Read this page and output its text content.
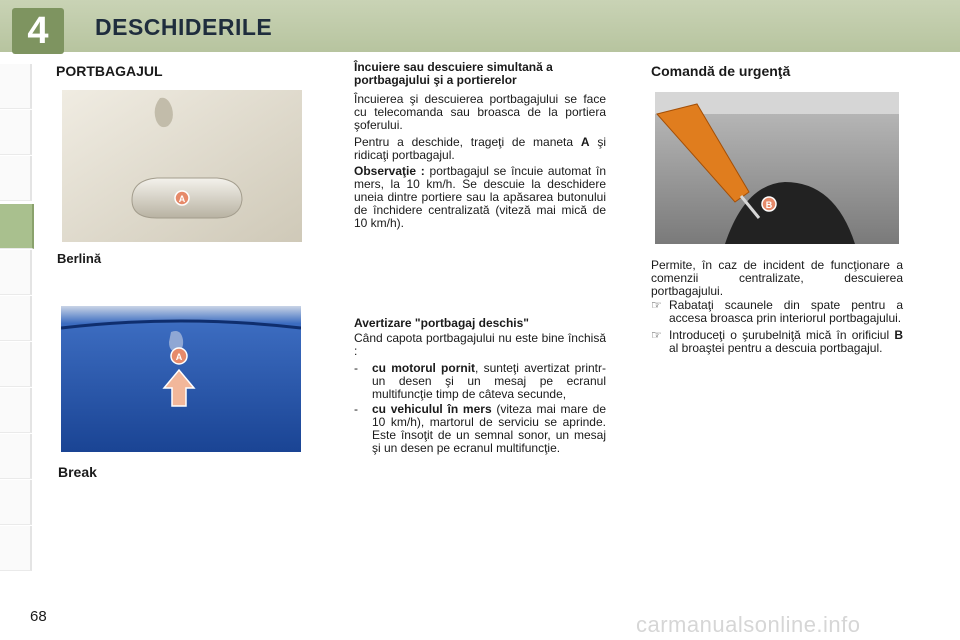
4	DESCHIDERILE
PORTBAGAJUL
A
Berlină
A
Break
Încuiere sau descuiere simultană a portbagajului şi a portierelor
Încuierea şi descuierea portbagajului se face cu telecomanda sau broasca de la portiera şoferului.
Pentru a deschide, trageţi de maneta A şi ridicaţi portbagajul.
Observaţie : portbagajul se încuie automat în mers, la 10 km/h. Se descuie la deschidere uneia dintre portiere sau la apăsarea butonului de închidere centralizată (viteză mai mică de 10 km/h).
Avertizare "portbagaj deschis"
Când capota portbagajului nu este bine închisă :
-	cu motorul pornit, sunteţi avertizat printr-un desen şi un mesaj pe ecranul multifuncţie timp de câteva secunde,
-	cu vehiculul în mers (viteza mai mare de 10 km/h), martorul de serviciu se aprinde. Este însoţit de un semnal sonor, un mesaj şi un desen pe ecranul multifuncţie.
Comandă de urgenţă
B
Permite, în caz de incident de funcţionare a comenzii centralizate, descuierea portbagajului.
☞ Rabataţi scaunele din spate pentru a accesa broasca prin interiorul portbagajului.
☞ Introduceţi o şurubelniţă mică în orificiul B al broaştei pentru a descuia portbagajul.
68	carmanualsonline.info
